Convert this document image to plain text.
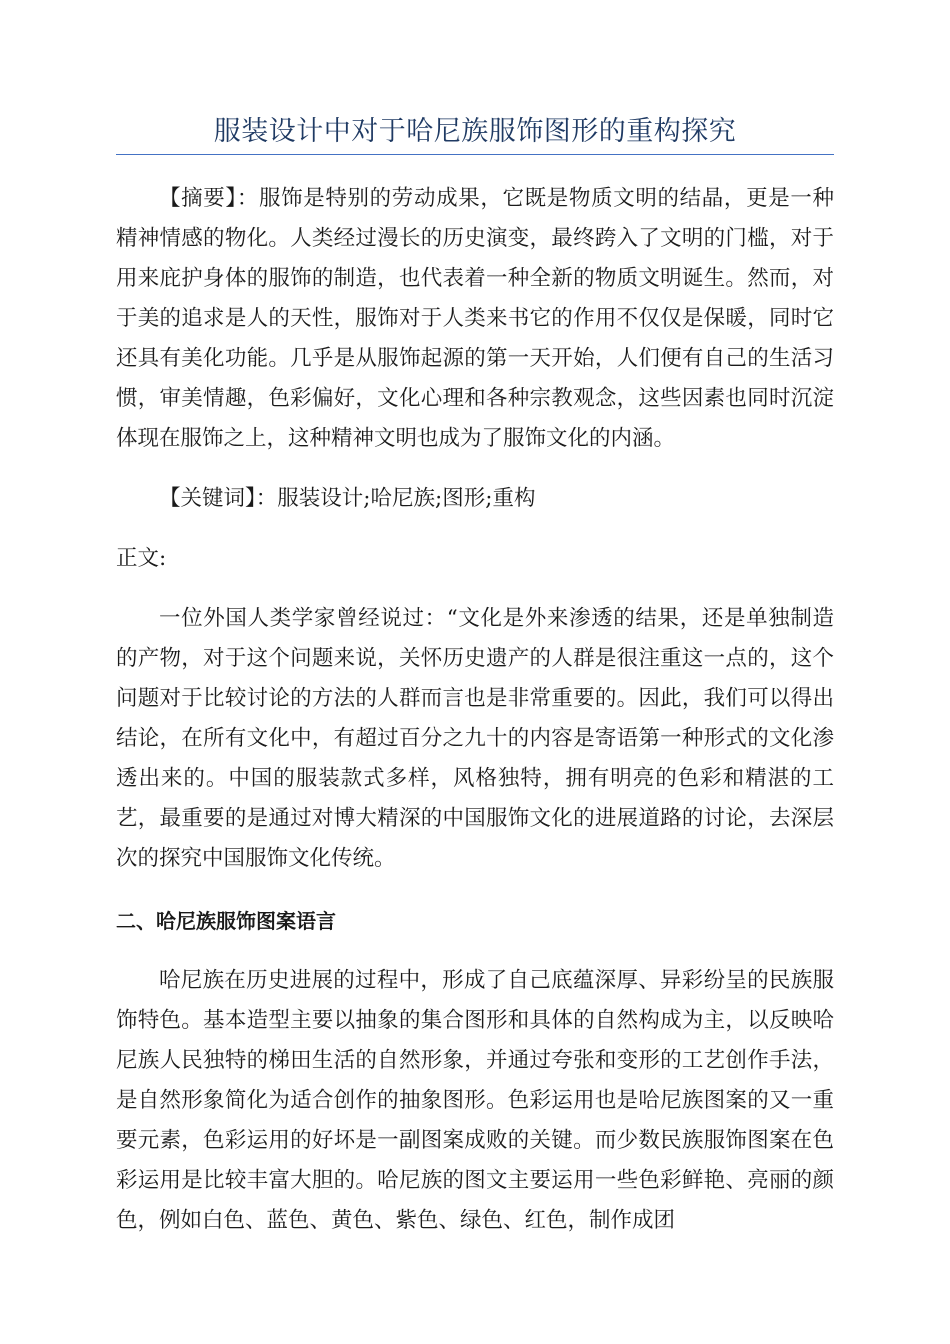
服装设计中对于哈尼族服饰图形的重构探究

【摘要】：服饰是特别的劳动成果，它既是物质文明的结晶，更是一种精神情感的物化。人类经过漫长的历史演变，最终跨入了文明的门槛，对于用来庇护身体的服饰的制造，也代表着一种全新的物质文明诞生。然而，对于美的追求是人的天性，服饰对于人类来书它的作用不仅仅是保暖，同时它还具有美化功能。几乎是从服饰起源的第一天开始，人们便有自己的生活习惯，审美情趣，色彩偏好，文化心理和各种宗教观念，这些因素也同时沉淀体现在服饰之上，这种精神文明也成为了服饰文化的内涵。

【关键词】：服装设计;哈尼族;图形;重构

正文:

一位外国人类学家曾经说过：“文化是外来渗透的结果，还是单独制造的产物，对于这个问题来说，关怀历史遗产的人群是很注重这一点的，这个问题对于比较讨论的方法的人群而言也是非常重要的。因此，我们可以得出结论，在所有文化中，有超过百分之九十的内容是寄语第一种形式的文化渗透出来的。中国的服装款式多样，风格独特，拥有明亮的色彩和精湛的工艺，最重要的是通过对博大精深的中国服饰文化的进展道路的讨论，去深层次的探究中国服饰文化传统。

二、哈尼族服饰图案语言

哈尼族在历史进展的过程中，形成了自己底蕴深厚、异彩纷呈的民族服饰特色。基本造型主要以抽象的集合图形和具体的自然构成为主，以反映哈尼族人民独特的梯田生活的自然形象，并通过夸张和变形的工艺创作手法，是自然形象简化为适合创作的抽象图形。色彩运用也是哈尼族图案的又一重要元素，色彩运用的好坏是一副图案成败的关键。而少数民族服饰图案在色彩运用是比较丰富大胆的。哈尼族的图文主要运用一些色彩鲜艳、亮丽的颜色，例如白色、蓝色、黄色、紫色、绿色、红色，制作成团
